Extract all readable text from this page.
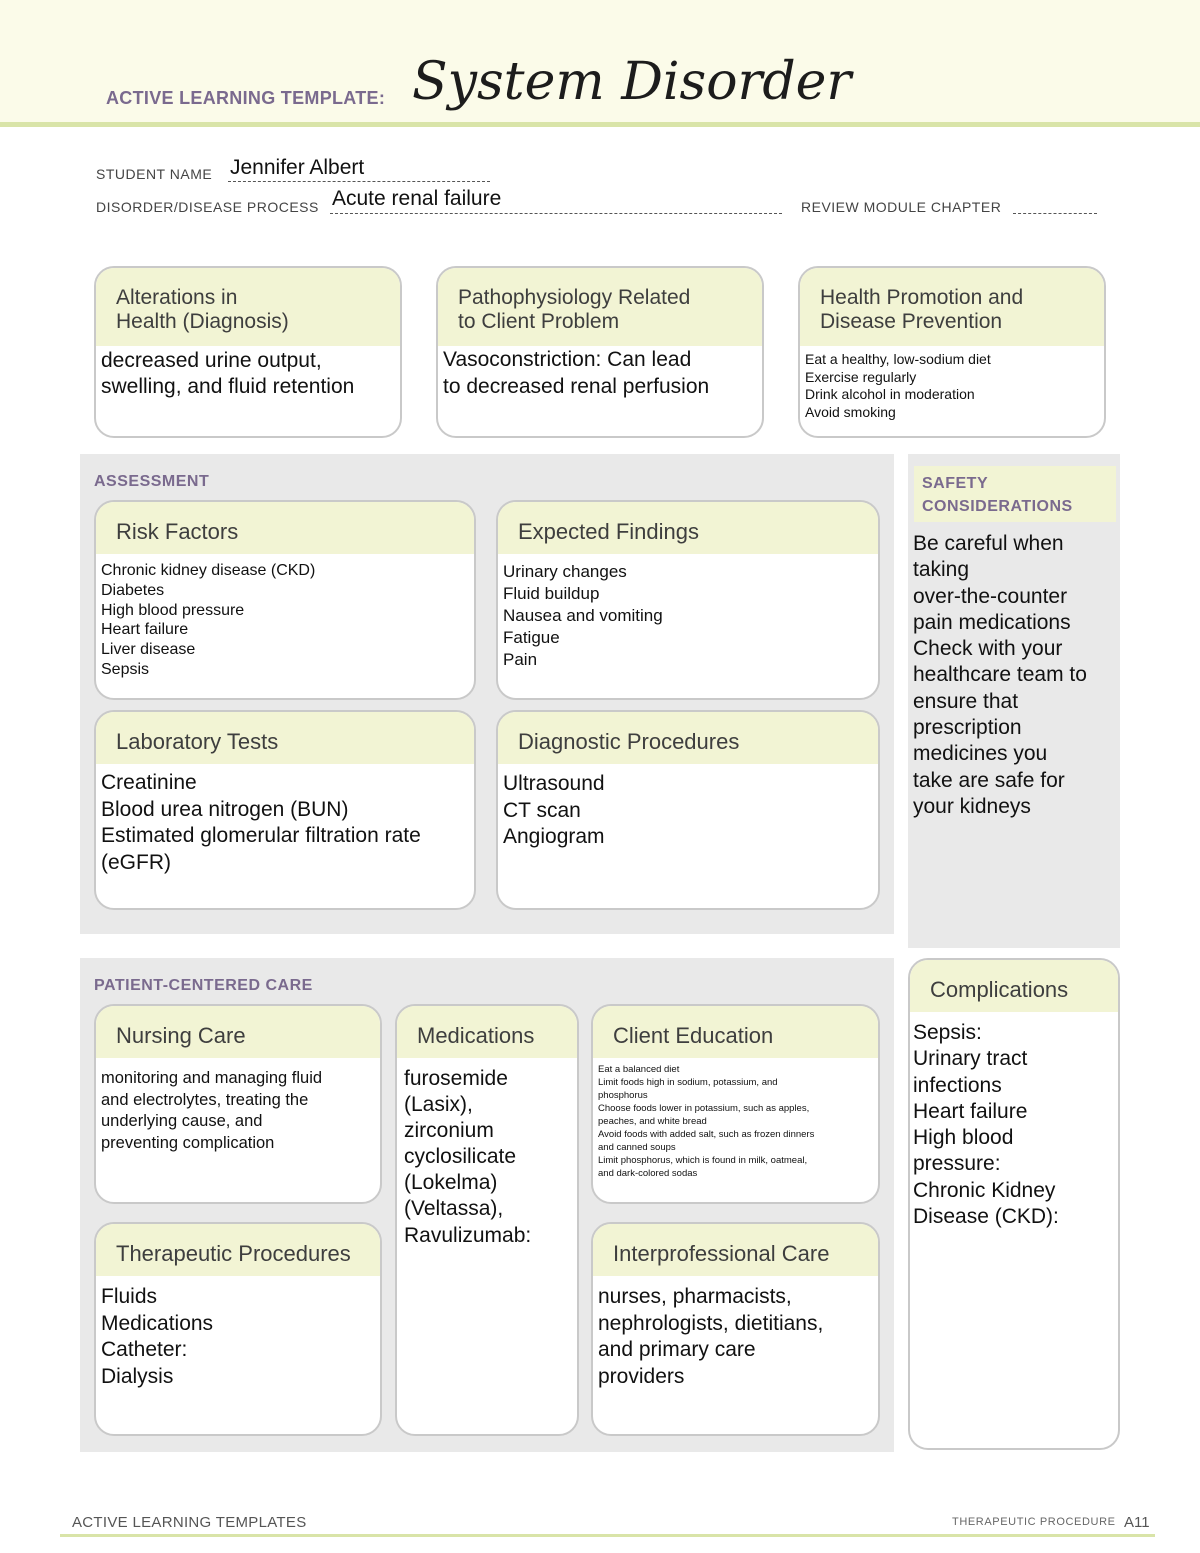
ACTIVE LEARNING TEMPLATE: System Disorder
STUDENT NAME Jennifer Albert
DISORDER/DISEASE PROCESS Acute renal failure	REVIEW MODULE CHAPTER
Alterations in
Health (Diagnosis)
decreased urine output,
swelling, and fluid retention
Pathophysiology Related
to Client Problem
Vasoconstriction: Can lead
to decreased renal perfusion
Health Promotion and
Disease Prevention
Eat a healthy, low-sodium diet
Exercise regularly
Drink alcohol in moderation
Avoid smoking
ASSESSMENT
Risk Factors
Chronic kidney disease (CKD)
Diabetes
High blood pressure
Heart failure
Liver disease
Sepsis
Expected Findings
Urinary changes
Fluid buildup
Nausea and vomiting
Fatigue
Pain
Laboratory Tests
Creatinine
Blood urea nitrogen (BUN)
Estimated glomerular filtration rate
(eGFR)
Diagnostic Procedures
Ultrasound
CT scan
Angiogram
SAFETY
CONSIDERATIONS
Be careful when
taking
over-the-counter
pain medications
Check with your
healthcare team to
ensure that
prescription
medicines you
take are safe for
your kidneys
PATIENT-CENTERED CARE
Nursing Care
monitoring and managing fluid
and electrolytes, treating the
underlying cause, and
preventing complication
Medications
furosemide
(Lasix),
zirconium
cyclosilicate
(Lokelma)
(Veltassa),
Ravulizumab:
Client Education
Eat a balanced diet
Limit foods high in sodium, potassium, and
phosphorus
Choose foods lower in potassium, such as apples,
peaches, and white bread
Avoid foods with added salt, such as frozen dinners
and canned soups
Limit phosphorus, which is found in milk, oatmeal,
and dark-colored sodas
Therapeutic Procedures
Fluids
Medications
Catheter:
Dialysis
Interprofessional Care
nurses, pharmacists,
nephrologists, dietitians,
and primary care
providers
Complications
Sepsis:
Urinary tract
infections
Heart failure
High blood
pressure:
Chronic Kidney
Disease (CKD):
ACTIVE LEARNING TEMPLATES	THERAPEUTIC PROCEDURE A11
